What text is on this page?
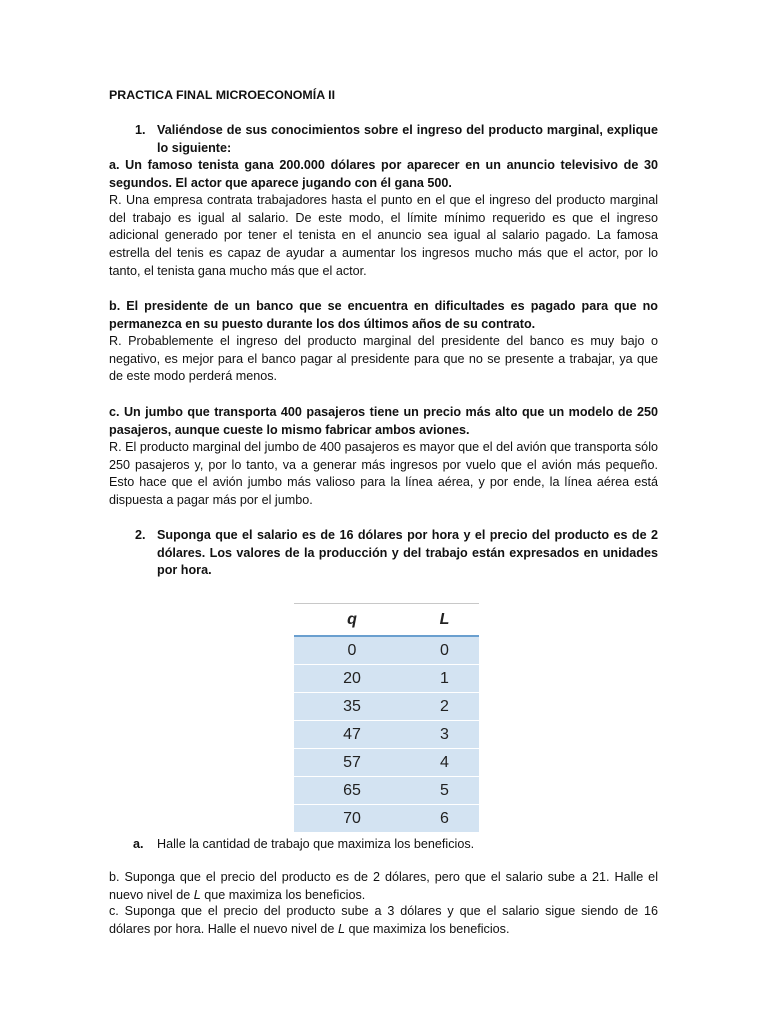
PRACTICA FINAL MICROECONOMÍA II
1. Valiéndose de sus conocimientos sobre el ingreso del producto marginal, explique lo siguiente:

a. Un famoso tenista gana 200.000 dólares por aparecer en un anuncio televisivo de 30 segundos. El actor que aparece jugando con él gana 500.

R. Una empresa contrata trabajadores hasta el punto en el que el ingreso del producto marginal del trabajo es igual al salario. De este modo, el límite mínimo requerido es que el ingreso adicional generado por tener el tenista en el anuncio sea igual al salario pagado. La famosa estrella del tenis es capaz de ayudar a aumentar los ingresos mucho más que el actor, por lo tanto, el tenista gana mucho más que el actor.

b. El presidente de un banco que se encuentra en dificultades es pagado para que no permanezca en su puesto durante los dos últimos años de su contrato.

R. Probablemente el ingreso del producto marginal del presidente del banco es muy bajo o negativo, es mejor para el banco pagar al presidente para que no se presente a trabajar, ya que de este modo perderá menos.

c. Un jumbo que transporta 400 pasajeros tiene un precio más alto que un modelo de 250 pasajeros, aunque cueste lo mismo fabricar ambos aviones.

R. El producto marginal del jumbo de 400 pasajeros es mayor que el del avión que transporta sólo 250 pasajeros y, por lo tanto, va a generar más ingresos por vuelo que el avión más pequeño. Esto hace que el avión jumbo más valioso para la línea aérea, y por ende, la línea aérea está dispuesta a pagar más por el jumbo.

2. Suponga que el salario es de 16 dólares por hora y el precio del producto es de 2 dólares. Los valores de la producción y del trabajo están expresados en unidades por hora.
q	L
0	0
20	1
35	2
47	3
57	4
65	5
70	6
a. Halle la cantidad de trabajo que maximiza los beneficios.

b. Suponga que el precio del producto es de 2 dólares, pero que el salario sube a 21. Halle el nuevo nivel de L que maximiza los beneficios.

c. Suponga que el precio del producto sube a 3 dólares y que el salario sigue siendo de 16 dólares por hora. Halle el nuevo nivel de L que maximiza los beneficios.
